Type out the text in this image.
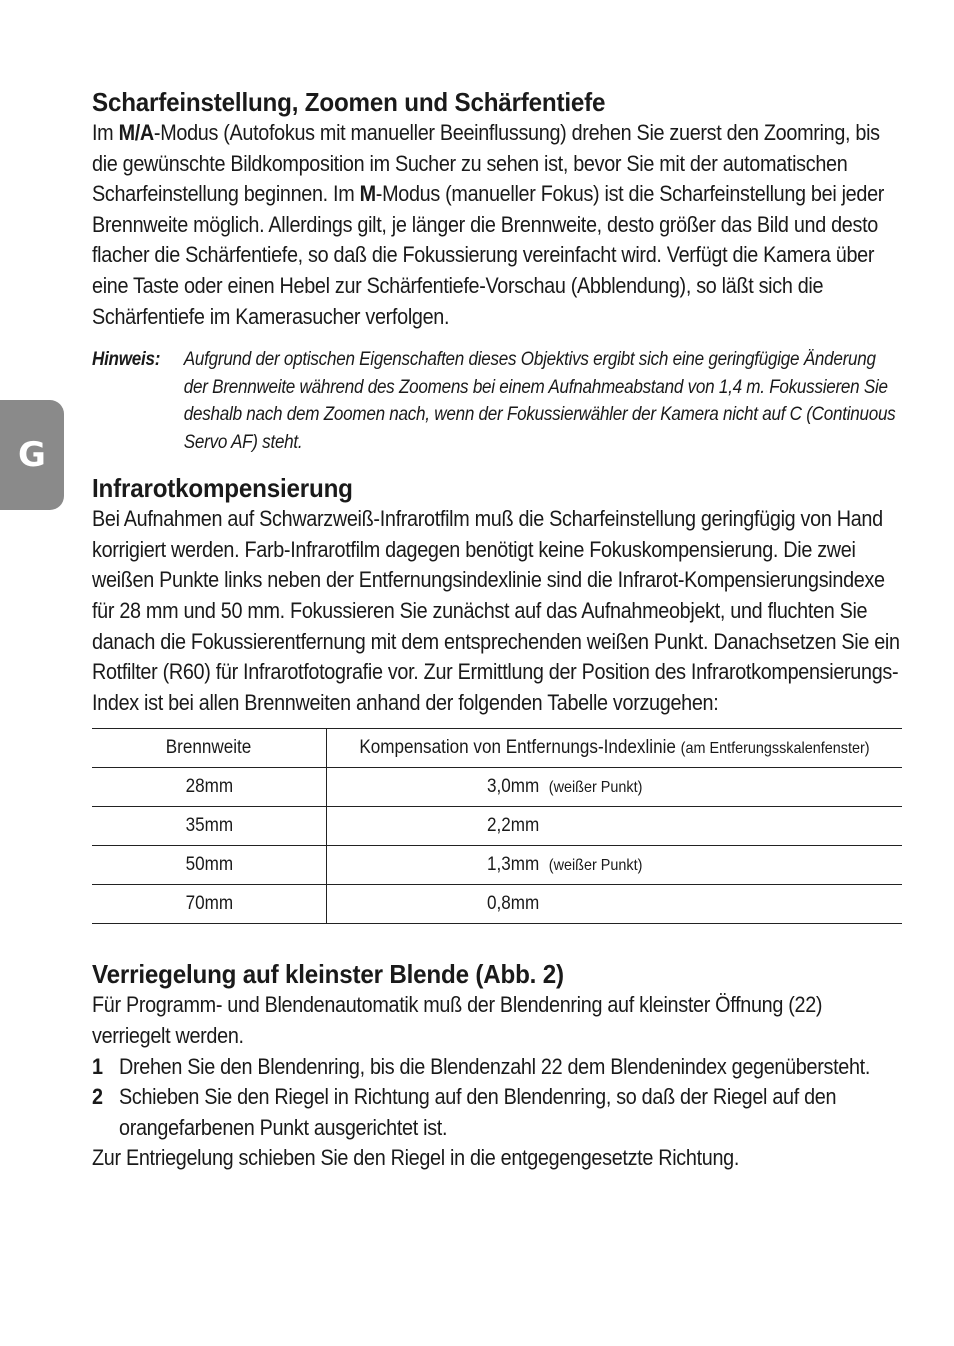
G
Scharfeinstellung, Zoomen und Schärfentiefe

Im M/A-Modus (Autofokus mit manueller Beeinflussung) drehen Sie zuerst den Zoomring, bis die gewünschte Bildkomposition im Sucher zu sehen ist, bevor Sie mit der automatischen Scharfeinstellung beginnen. Im M-Modus (manueller Fokus) ist die Scharfeinstellung bei jeder Brennweite möglich. Allerdings gilt, je länger die Brennweite, desto größer das Bild und desto flacher die Schärfentiefe, so daß die Fokussierung vereinfacht wird. Verfügt die Kamera über eine Taste oder einen Hebel zur Schärfentiefe-Vorschau (Abblendung), so läßt sich die Schärfentiefe im Kamerasucher verfolgen.

Hinweis:	Aufgrund der optischen Eigenschaften dieses Objektivs ergibt sich eine geringfügige Änderung der Brennweite während des Zoomens bei einem Aufnahmeabstand von 1,4 m. Fokussieren Sie deshalb nach dem Zoomen nach, wenn der Fokussierwähler der Kamera nicht auf C (Continuous Servo AF) steht.
Infrarotkompensierung

Bei Aufnahmen auf Schwarzweiß-Infrarotfilm muß die Scharfeinstellung geringfügig von Hand korrigiert werden. Farb-Infrarotfilm dagegen benötigt keine Fokuskompensierung. Die zwei weißen Punkte links neben der Entfernungsindexlinie sind die Infrarot-Kompensierungsindexe für 28 mm und 50 mm. Fokussieren Sie zunächst auf das Aufnahmeobjekt, und fluchten Sie danach die Fokussierentfernung mit dem entsprechenden weißen Punkt. Danachsetzen Sie ein Rotfilter (R60) für Infrarotfotografie vor. Zur Ermittlung der Position des Infrarotkompensierungs-Index ist bei allen Brennweiten anhand der folgenden Tabelle vorzugehen:

Brennweite	Kompensation von Entfernungs-Indexlinie (am Entferungsskalenfenster)
28mm	3,0mm (weißer Punkt)
35mm	2,2mm
50mm	1,3mm (weißer Punkt)
70mm	0,8mm
Verriegelung auf kleinster Blende (Abb. 2)

Für Programm- und Blendenautomatik muß der Blendenring auf kleinster Öffnung (22) verriegelt werden.

1 Drehen Sie den Blendenring, bis die Blendenzahl 22 dem Blendenindex gegenübersteht.
2 Schieben Sie den Riegel in Richtung auf den Blendenring, so daß der Riegel auf den orangefarbenen Punkt ausgerichtet ist.

Zur Entriegelung schieben Sie den Riegel in die entgegengesetzte Richtung.
